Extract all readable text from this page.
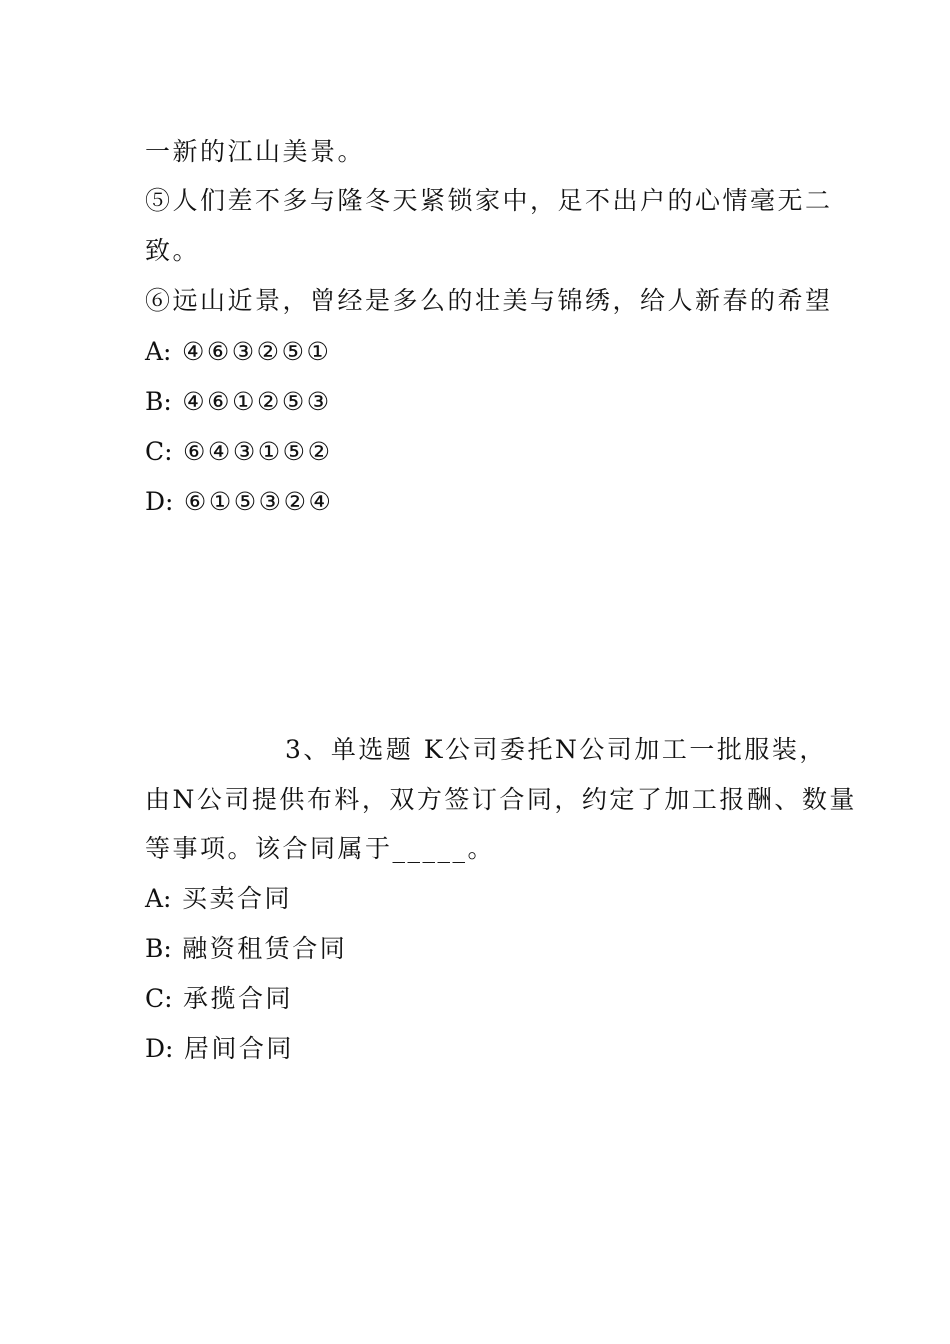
一新的江山美景。
⑤人们差不多与隆冬天紧锁家中，足不出户的心情毫无二
致。
⑥远山近景，曾经是多么的壮美与锦绣，给人新春的希望
A: ④⑥③②⑤①
B: ④⑥①②⑤③
C: ⑥④③①⑤②
D: ⑥①⑤③②④
3、单选题 K公司委托N公司加工一批服装，
由N公司提供布料，双方签订合同，约定了加工报酬、数量
等事项。该合同属于_____。
A: 买卖合同
B: 融资租赁合同
C: 承揽合同
D: 居间合同
